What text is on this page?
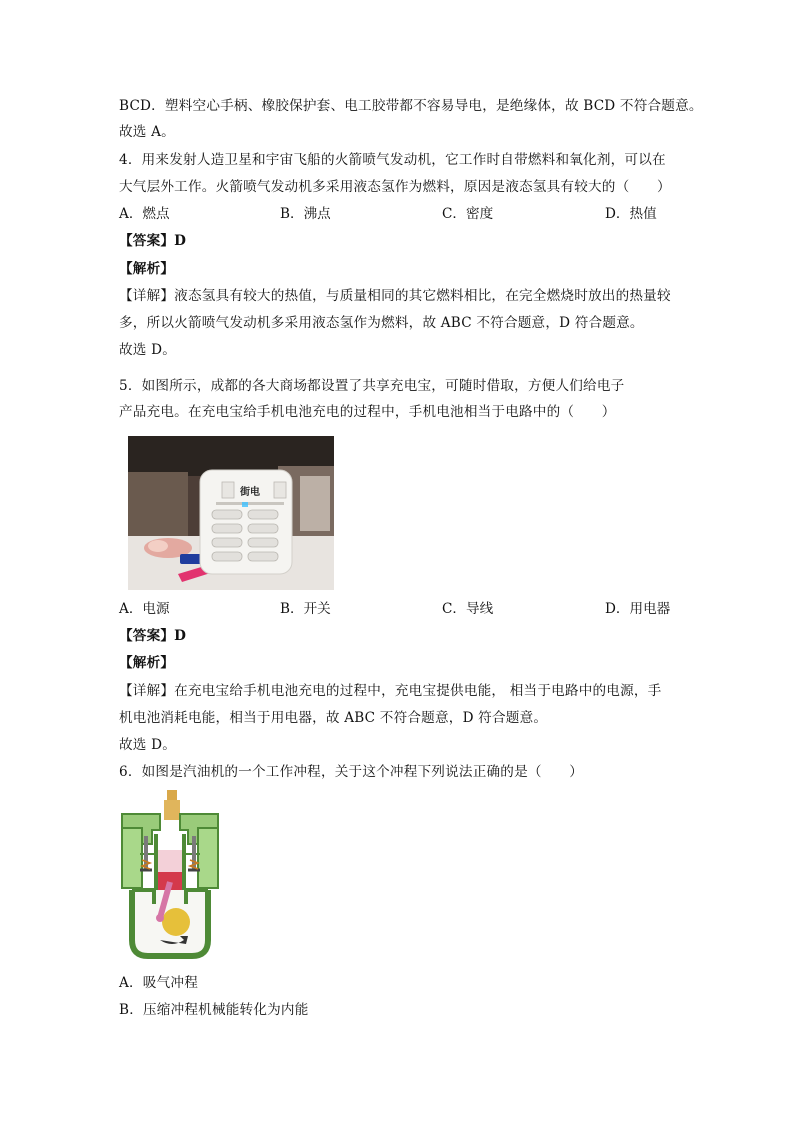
BCD．塑料空心手柄、橡胶保护套、电工胶带都不容易导电，是绝缘体，故 BCD 不符合题意。
故选 A。
4．用来发射人造卫星和宇宙飞船的火箭喷气发动机，它工作时自带燃料和氧化剂，可以在
大气层外工作。火箭喷气发动机多采用液态氢作为燃料，原因是液态氢具有较大的（　　）
A．燃点	B．沸点	C．密度	D．热值
【答案】D
【解析】
【详解】液态氢具有较大的热值，与质量相同的其它燃料相比，在完全燃烧时放出的热量较
多，所以火箭喷气发动机多采用液态氢作为燃料，故 ABC 不符合题意，D 符合题意。
故选 D。
5．如图所示，成都的各大商场都设置了共享充电宝，可随时借取，方便人们给电子
产品充电。在充电宝给手机电池充电的过程中，手机电池相当于电路中的（　　）
街电
A．电源	B．开关	C．导线	D．用电器
【答案】D
【解析】
【详解】在充电宝给手机电池充电的过程中，充电宝提供电能， 相当于电路中的电源，手
机电池消耗电能，相当于用电器，故 ABC 不符合题意，D 符合题意。
故选 D。
6．如图是汽油机的一个工作冲程，关于这个冲程下列说法正确的是（　　）
A．吸气冲程
B．压缩冲程机械能转化为内能
